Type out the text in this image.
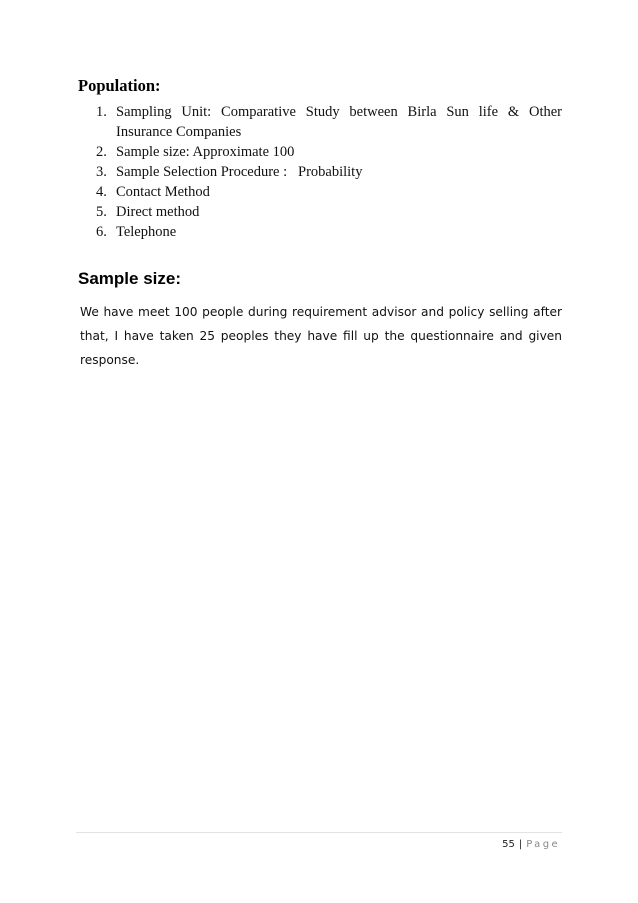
Population:
1. Sampling Unit: Comparative Study between Birla Sun life & Other Insurance Companies
2. Sample size: Approximate 100
3. Sample Selection Procedure :   Probability
4. Contact Method
5. Direct method
6. Telephone
Sample size:

We have meet 100 people during requirement advisor and policy selling after that, I have taken 25 peoples they have fill up the questionnaire and given response.

55 | Page
